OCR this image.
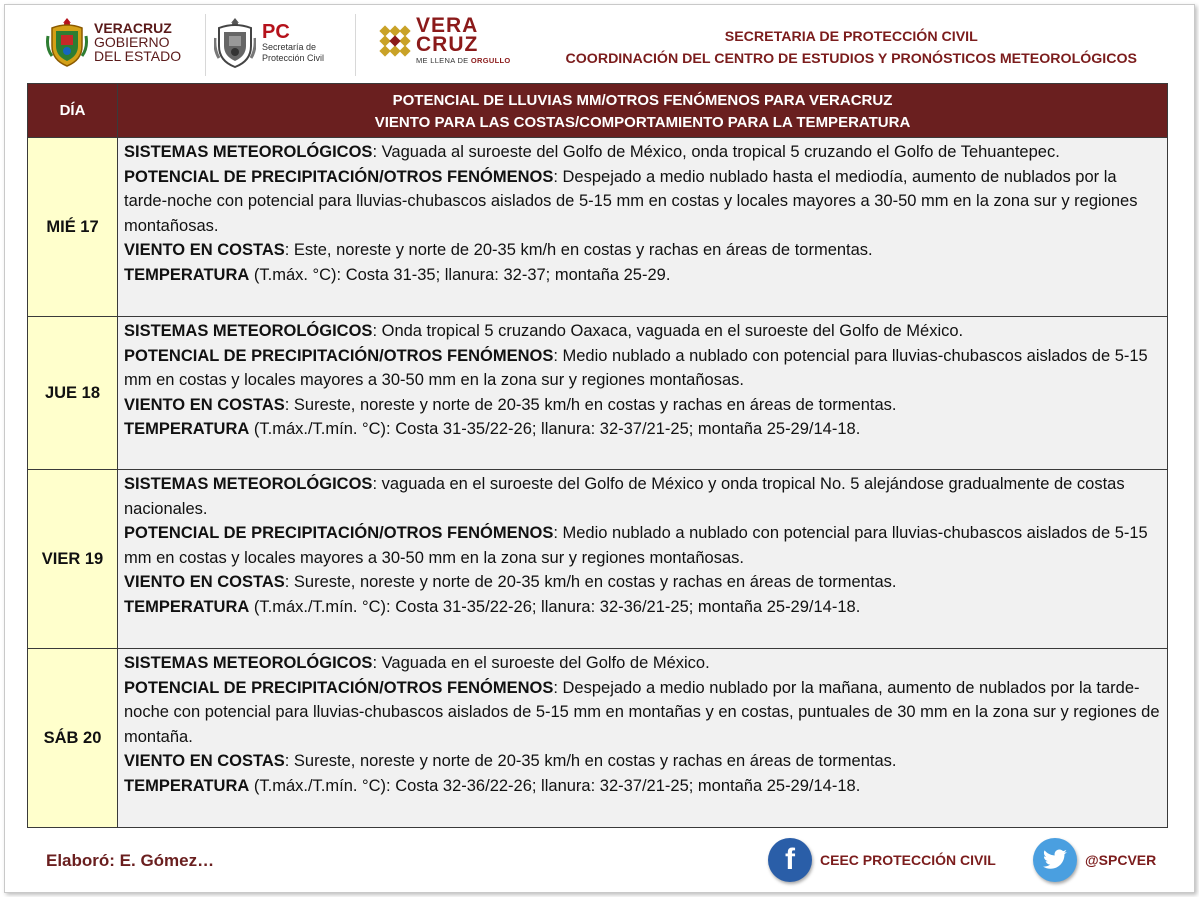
VERACRUZ
GOBIERNO
DEL ESTADO
PC
Secretaría de
Protección Civil
VERA
CRUZ
ME LLENA DE ORGULLO
SECRETARIA DE PROTECCIÓN CIVIL
COORDINACIÓN DEL CENTRO DE ESTUDIOS Y PRONÓSTICOS METEOROLÓGICOS
DÍA	POTENCIAL DE LLUVIAS MM/OTROS FENÓMENOS PARA VERACRUZ
VIENTO PARA LAS COSTAS/COMPORTAMIENTO PARA LA TEMPERATURA

MIÉ 17	SISTEMAS METEOROLÓGICOS: Vaguada al suroeste del Golfo de México, onda tropical 5 cruzando el Golfo de Tehuantepec.

POTENCIAL DE PRECIPITACIÓN/OTROS FENÓMENOS: Despejado a medio nublado hasta el mediodía, aumento de nublados por la tarde-noche con potencial para lluvias-chubascos aislados de 5-15 mm en costas y locales mayores a 30-50 mm en la zona sur y regiones montañosas.

VIENTO EN COSTAS: Este, noreste y norte de 20-35 km/h en costas y rachas en áreas de tormentas.

TEMPERATURA (T.máx. °C): Costa 31-35; llanura: 32-37; montaña 25-29.

JUE 18	SISTEMAS METEOROLÓGICOS: Onda tropical 5 cruzando Oaxaca, vaguada en el suroeste del Golfo de México.

POTENCIAL DE PRECIPITACIÓN/OTROS FENÓMENOS: Medio nublado a nublado con potencial para lluvias-chubascos aislados de 5-15 mm en costas y locales mayores a 30-50 mm en la zona sur y regiones montañosas.

VIENTO EN COSTAS: Sureste, noreste y norte de 20-35 km/h en costas y rachas en áreas de tormentas.

TEMPERATURA (T.máx./T.mín. °C): Costa 31-35/22-26; llanura: 32-37/21-25; montaña 25-29/14-18.

VIER 19	SISTEMAS METEOROLÓGICOS: vaguada en el suroeste del Golfo de México y onda tropical No. 5 alejándose gradualmente de costas nacionales.

POTENCIAL DE PRECIPITACIÓN/OTROS FENÓMENOS: Medio nublado a nublado con potencial para lluvias-chubascos aislados de 5-15 mm en costas y locales mayores a 30-50 mm en la zona sur y regiones montañosas.

VIENTO EN COSTAS: Sureste, noreste y norte de 20-35 km/h en costas y rachas en áreas de tormentas.

TEMPERATURA (T.máx./T.mín. °C): Costa 31-35/22-26; llanura: 32-36/21-25; montaña 25-29/14-18.

SÁB 20	SISTEMAS METEOROLÓGICOS: Vaguada en el suroeste del Golfo de México.

POTENCIAL DE PRECIPITACIÓN/OTROS FENÓMENOS: Despejado a medio nublado por la mañana, aumento de nublados por la tarde-noche con potencial para lluvias-chubascos aislados de 5-15 mm en montañas y en costas, puntuales de 30 mm en la zona sur y regiones de montaña.

VIENTO EN COSTAS: Sureste, noreste y norte de 20-35 km/h en costas y rachas en áreas de tormentas.

TEMPERATURA (T.máx./T.mín. °C): Costa 32-36/22-26; llanura: 32-37/21-25; montaña 25-29/14-18.

Elaboró: E. Gómez…	f	CEEC PROTECCIÓN CIVIL	@SPCVER
